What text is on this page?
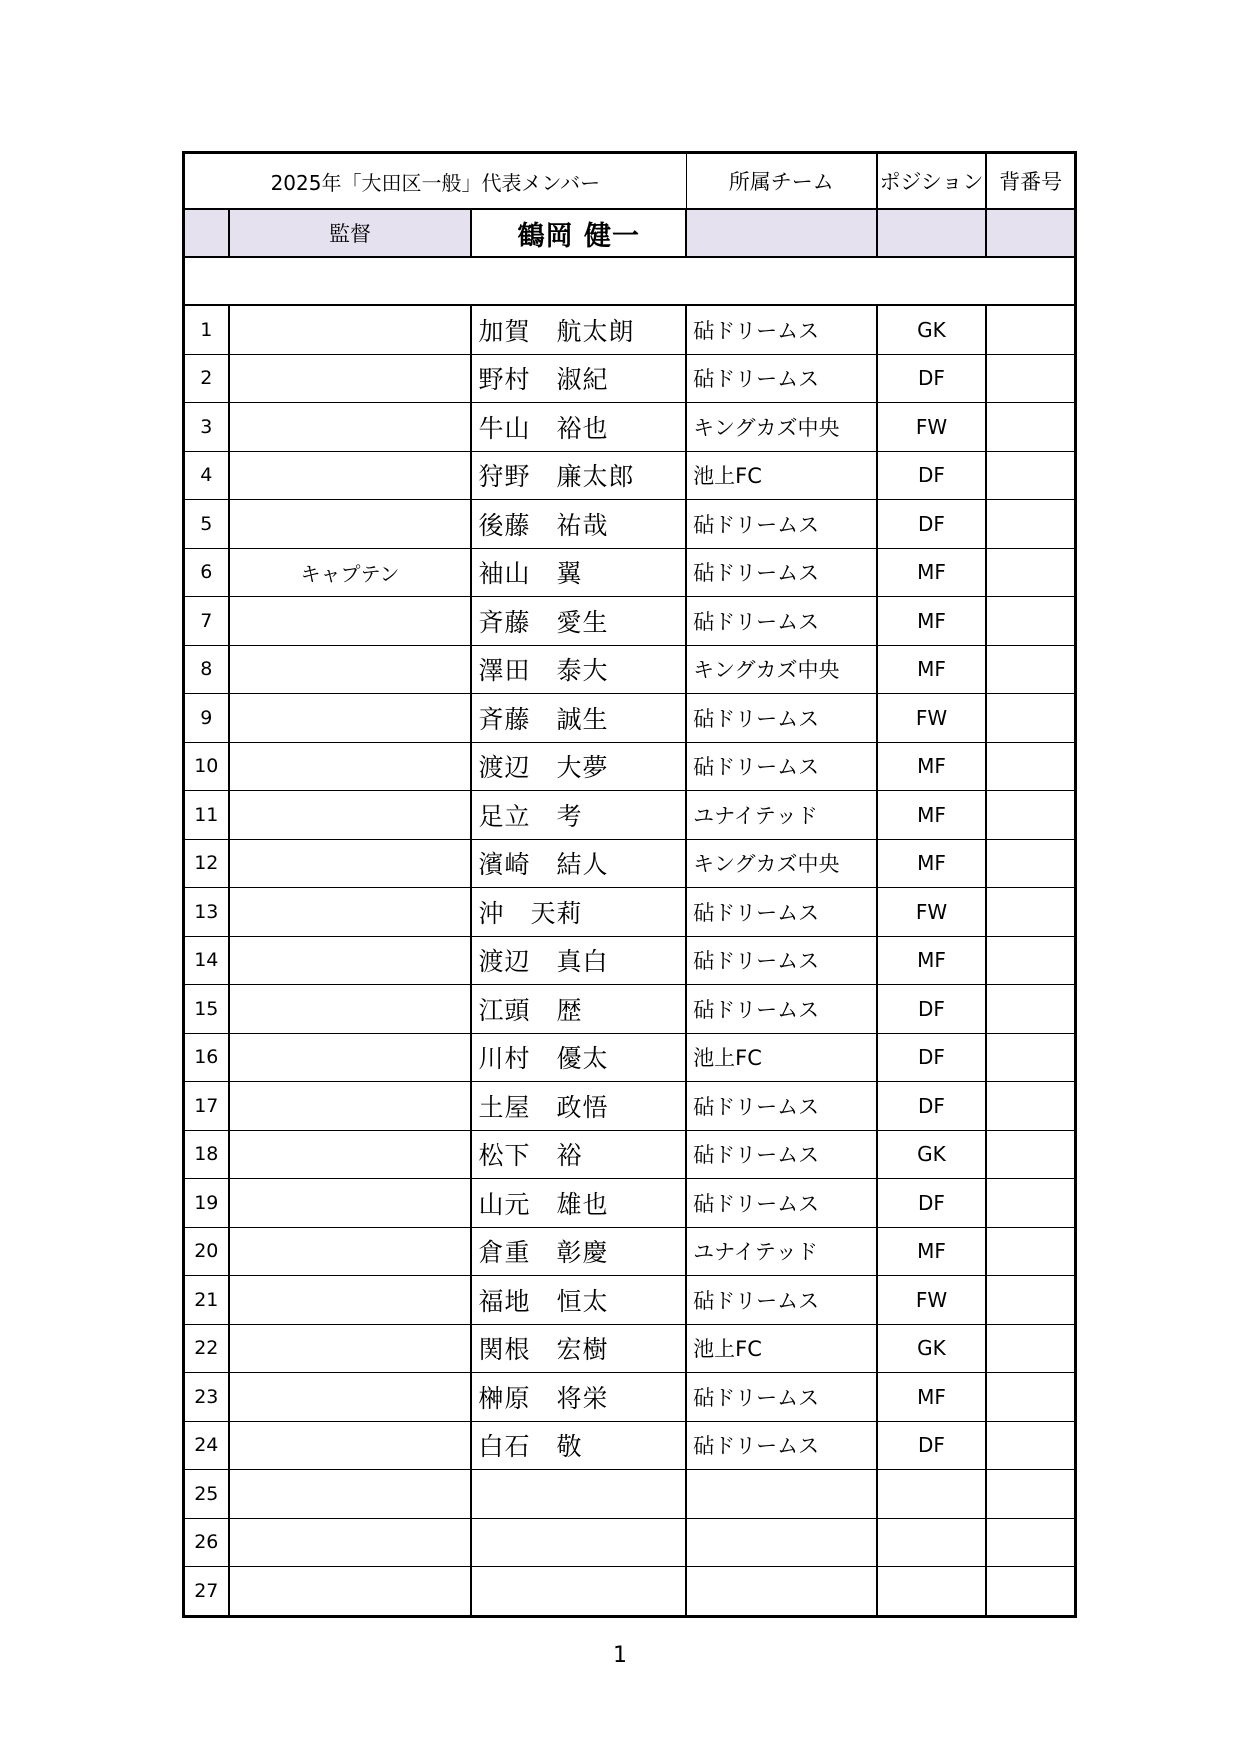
2025年「大田区一般」代表メンバー			所属チーム	ポジション	背番号
	監督	鶴岡 健一			

1		加賀　航太朗	砧ドリームス	GK	
2		野村　淑紀	砧ドリームス	DF	
3		牛山　裕也	キングカズ中央	FW	
4		狩野　廉太郎	池上FC	DF	
5		後藤　祐哉	砧ドリームス	DF	
6	キャプテン	袖山　翼	砧ドリームス	MF	
7		斉藤　愛生	砧ドリームス	MF	
8		澤田　泰大	キングカズ中央	MF	
9		斉藤　誠生	砧ドリームス	FW	
10		渡辺　大夢	砧ドリームス	MF	
11		足立　考	ユナイテッド	MF	
12		濱崎　結人	キングカズ中央	MF	
13		沖　天莉	砧ドリームス	FW	
14		渡辺　真白	砧ドリームス	MF	
15		江頭　歴	砧ドリームス	DF	
16		川村　優太	池上FC	DF	
17		土屋　政悟	砧ドリームス	DF	
18		松下　裕	砧ドリームス	GK	
19		山元　雄也	砧ドリームス	DF	
20		倉重　彰慶	ユナイテッド	MF	
21		福地　恒太	砧ドリームス	FW	
22		関根　宏樹	池上FC	GK	
23		榊原　将栄	砧ドリームス	MF	
24		白石　敬	砧ドリームス	DF	
25					
26					
27					
1
